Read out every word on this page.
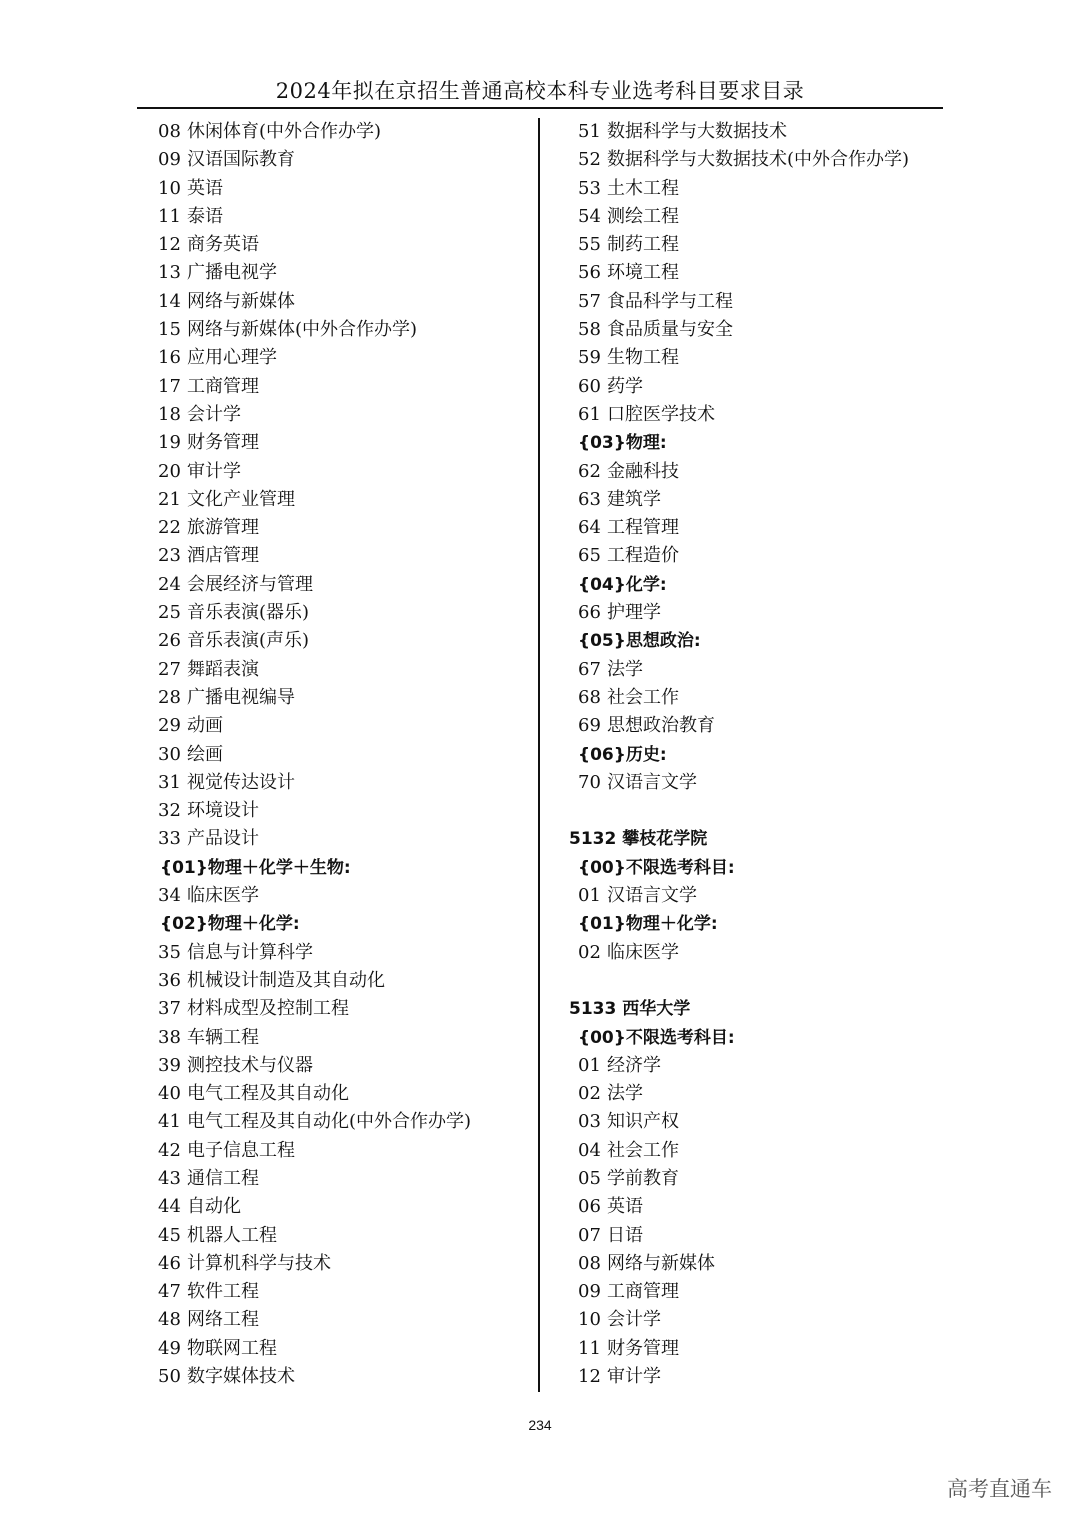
2024年拟在京招生普通高校本科专业选考科目要求目录
08 休闲体育(中外合作办学)
09 汉语国际教育
10 英语
11 泰语
12 商务英语
13 广播电视学
14 网络与新媒体
15 网络与新媒体(中外合作办学)
16 应用心理学
17 工商管理
18 会计学
19 财务管理
20 审计学
21 文化产业管理
22 旅游管理
23 酒店管理
24 会展经济与管理
25 音乐表演(器乐)
26 音乐表演(声乐)
27 舞蹈表演
28 广播电视编导
29 动画
30 绘画
31 视觉传达设计
32 环境设计
33 产品设计
{01}物理＋化学＋生物:
34 临床医学
{02}物理＋化学:
35 信息与计算科学
36 机械设计制造及其自动化
37 材料成型及控制工程
38 车辆工程
39 测控技术与仪器
40 电气工程及其自动化
41 电气工程及其自动化(中外合作办学)
42 电子信息工程
43 通信工程
44 自动化
45 机器人工程
46 计算机科学与技术
47 软件工程
48 网络工程
49 物联网工程
50 数字媒体技术
51 数据科学与大数据技术
52 数据科学与大数据技术(中外合作办学)
53 土木工程
54 测绘工程
55 制药工程
56 环境工程
57 食品科学与工程
58 食品质量与安全
59 生物工程
60 药学
61 口腔医学技术
{03}物理:
62 金融科技
63 建筑学
64 工程管理
65 工程造价
{04}化学:
66 护理学
{05}思想政治:
67 法学
68 社会工作
69 思想政治教育
{06}历史:
70 汉语言文学
5132 攀枝花学院
{00}不限选考科目:
01 汉语言文学
{01}物理＋化学:
02 临床医学
5133 西华大学
{00}不限选考科目:
01 经济学
02 法学
03 知识产权
04 社会工作
05 学前教育
06 英语
07 日语
08 网络与新媒体
09 工商管理
10 会计学
11 财务管理
12 审计学
234
高考直通车
